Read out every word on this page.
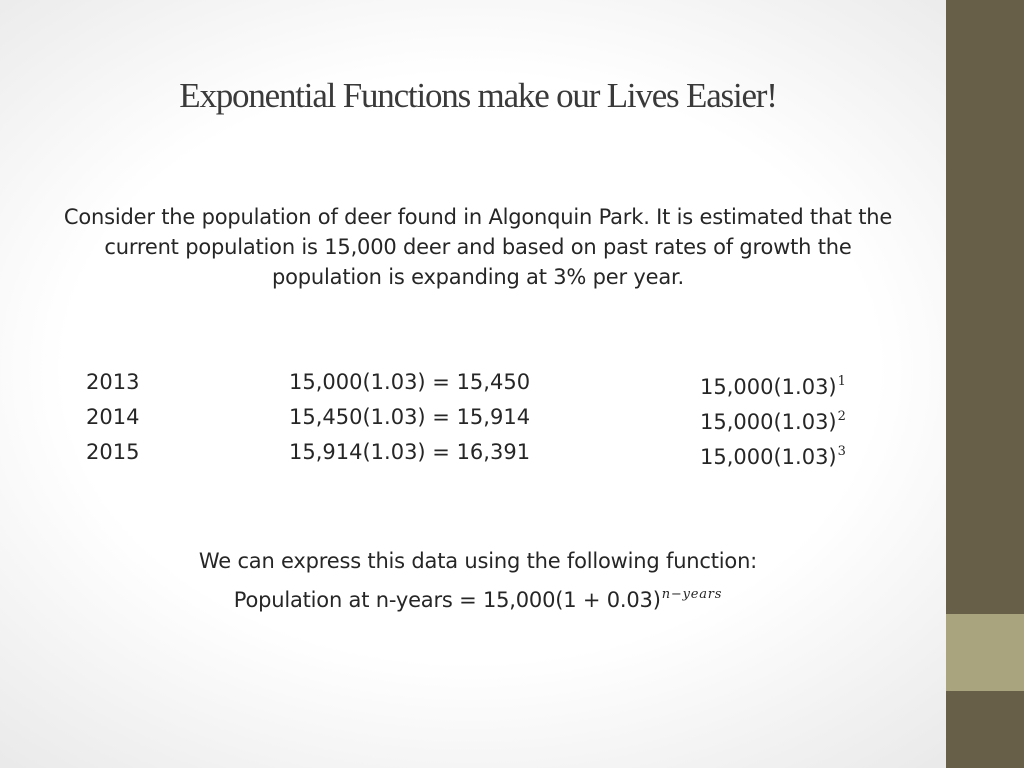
Exponential Functions make our Lives Easier!
Consider the population of deer found in Algonquin Park. It is estimated that the current population is 15,000 deer and based on past rates of growth the population is expanding at 3% per year.
2013	15,000(1.03) = 15,450	$15,000(1.03)^1$
2014	15,450(1.03) = 15,914	$15,000(1.03)^2$
2015	15,914(1.03) = 16,391	$15,000(1.03)^3$
We can express this data using the following function:
Population at n-years = $15,000(1 + 0.03)^{n-years}$
